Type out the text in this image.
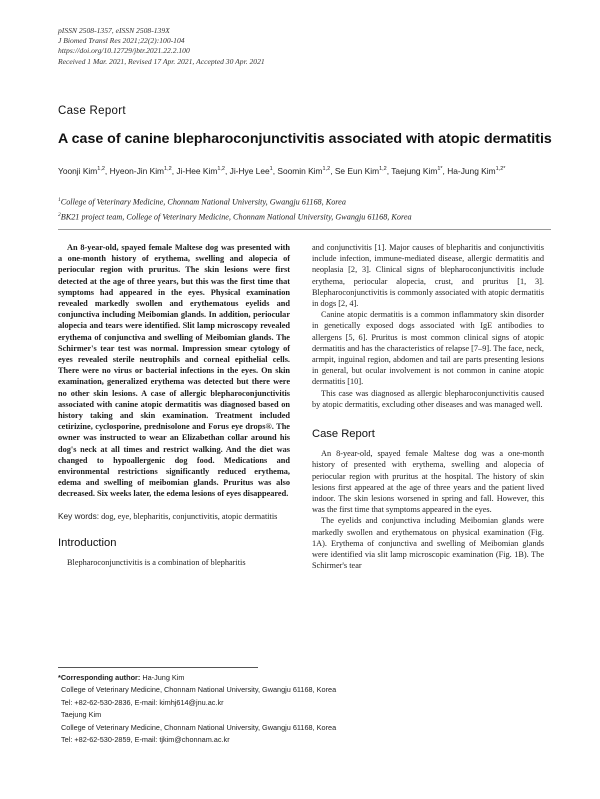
pISSN 2508-1357, eISSN 2508-139X
J Biomed Transl Res 2021;22(2):100-104
https://doi.org/10.12729/jbtr.2021.22.2.100
Received 1 Mar. 2021, Revised 17 Apr. 2021, Accepted 30 Apr. 2021
Case Report
A case of canine blepharoconjunctivitis associated with atopic dermatitis
Yoonji Kim$^{1,2}$, Hyeon-Jin Kim$^{1,2}$, Ji-Hee Kim$^{1,2}$, Ji-Hye Lee$^1$, Soomin Kim$^{1,2}$, Se Eun Kim$^{1,2}$, Taejung Kim$^{1*}$, Ha-Jung Kim$^{1,2*}$
$^1$College of Veterinary Medicine, Chonnam National University, Gwangju 61168, Korea
$^2$BK21 project team, College of Veterinary Medicine, Chonnam National University, Gwangju 61168, Korea

An 8-year-old, spayed female Maltese dog was presented with a one-month history of erythema, swelling and alopecia of periocular region with pruritus. The skin lesions were first detected at the age of three years, but this was the first time that symptoms had appeared in the eyes. Physical examination revealed markedly swollen and erythematous eyelids and conjunctiva including Meibomian glands. In addition, periocular alopecia and tears were identified. Slit lamp microscopy revealed erythema of conjunctiva and swelling of Meibomian glands. The Schirmer's tear test was normal. Impression smear cytology of eyes revealed sterile neutrophils and corneal epithelial cells. There were no virus or bacterial infections in the eyes. On skin examination, generalized erythema was detected but there were no other skin lesions. A case of allergic blepharoconjunctivitis associated with canine atopic dermatitis was diagnosed based on history taking and skin examination. Treatment included cetirizine, cyclosporine, prednisolone and Forus eye drops®. The owner was instructed to wear an Elizabethan collar around his dog's neck at all times and restrict walking. And the diet was changed to hypoallergenic dog food. Medications and environmental restrictions significantly reduced erythema, edema and swelling of meibomian glands. Pruritus was also decreased. Six weeks later, the edema lesions of eyes disappeared.

Key words: dog, eye, blepharitis, conjunctivitis, atopic dermatitis
Introduction

Blepharoconjunctivitis is a combination of blepharitis

and conjunctivitis [1]. Major causes of blepharitis and conjunctivitis include infection, immune-mediated disease, allergic dermatitis and neoplasia [2, 3]. Clinical signs of blepharoconjunctivitis include erythema, periocular alopecia, crust, and pruritus [1, 3]. Blepharoconjunctivitis is commonly associated with atopic dermatitis in dogs [2, 4].

Canine atopic dermatitis is a common inflammatory skin disorder in genetically exposed dogs associated with IgE antibodies to allergens [5, 6]. Pruritus is most common clinical signs of atopic dermatitis and has the characteristics of relapse [7–9]. The face, neck, armpit, inguinal region, abdomen and tail are parts presenting lesions in general, but ocular involvement is not common in canine atopic dermatitis [10].

This case was diagnosed as allergic blepharoconjunctivitis caused by atopic dermatitis, excluding other diseases and was managed well.

Case Report

An 8-year-old, spayed female Maltese dog was a one-month history of presented with erythema, swelling and alopecia of periocular region with pruritus at the hospital. The history of skin lesions first appeared at the age of three years and the patient lived indoor. The skin lesions worsened in spring and fall. However, this was the first time that symptoms appeared in the eyes.

The eyelids and conjunctiva including Meibomian glands were markedly swollen and erythematous on physical examination (Fig. 1A). Erythema of conjunctiva and swelling of Meibomian glands were identified via slit lamp microscopic examination (Fig. 1B). The Schirmer's tear

*Corresponding author: Ha-Jung Kim
College of Veterinary Medicine, Chonnam National University, Gwangju 61168, Korea
Tel: +82-62-530-2836, E-mail: kimhj614@jnu.ac.kr
Taejung Kim
College of Veterinary Medicine, Chonnam National University, Gwangju 61168, Korea
Tel: +82-62-530-2859, E-mail: tjkim@chonnam.ac.kr
